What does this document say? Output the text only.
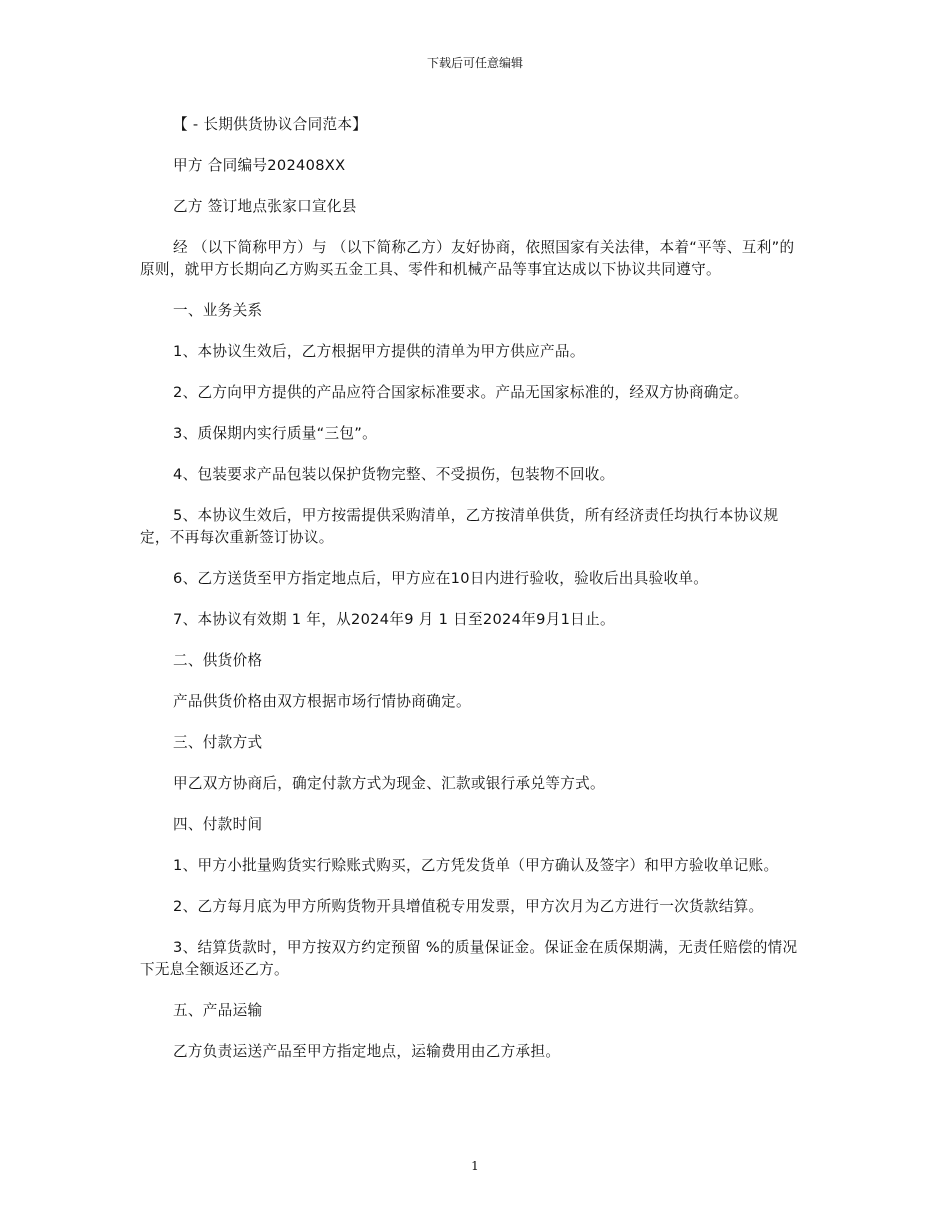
下载后可任意编辑

【 - 长期供货协议合同范本】

甲方 合同编号202408XX

乙方 签订地点张家口宣化县

经 （以下简称甲方）与 （以下简称乙方）友好协商，依照国家有关法律，本着“平等、互利”的原则，就甲方长期向乙方购买五金工具、零件和机械产品等事宜达成以下协议共同遵守。

一、业务关系

1、本协议生效后，乙方根据甲方提供的清单为甲方供应产品。

2、乙方向甲方提供的产品应符合国家标准要求。产品无国家标准的，经双方协商确定。

3、质保期内实行质量“三包”。

4、包装要求产品包装以保护货物完整、不受损伤，包装物不回收。

5、本协议生效后，甲方按需提供采购清单，乙方按清单供货，所有经济责任均执行本协议规定，不再每次重新签订协议。

6、乙方送货至甲方指定地点后，甲方应在10日内进行验收，验收后出具验收单。

7、本协议有效期 1 年，从2024年9 月 1 日至2024年9月1日止。

二、供货价格

产品供货价格由双方根据市场行情协商确定。

三、付款方式

甲乙双方协商后，确定付款方式为现金、汇款或银行承兑等方式。

四、付款时间

1、甲方小批量购货实行赊账式购买，乙方凭发货单（甲方确认及签字）和甲方验收单记账。

2、乙方每月底为甲方所购货物开具增值税专用发票，甲方次月为乙方进行一次货款结算。

3、结算货款时，甲方按双方约定预留 %的质量保证金。保证金在质保期满，无责任赔偿的情况下无息全额返还乙方。

五、产品运输

乙方负责运送产品至甲方指定地点，运输费用由乙方承担。

1
